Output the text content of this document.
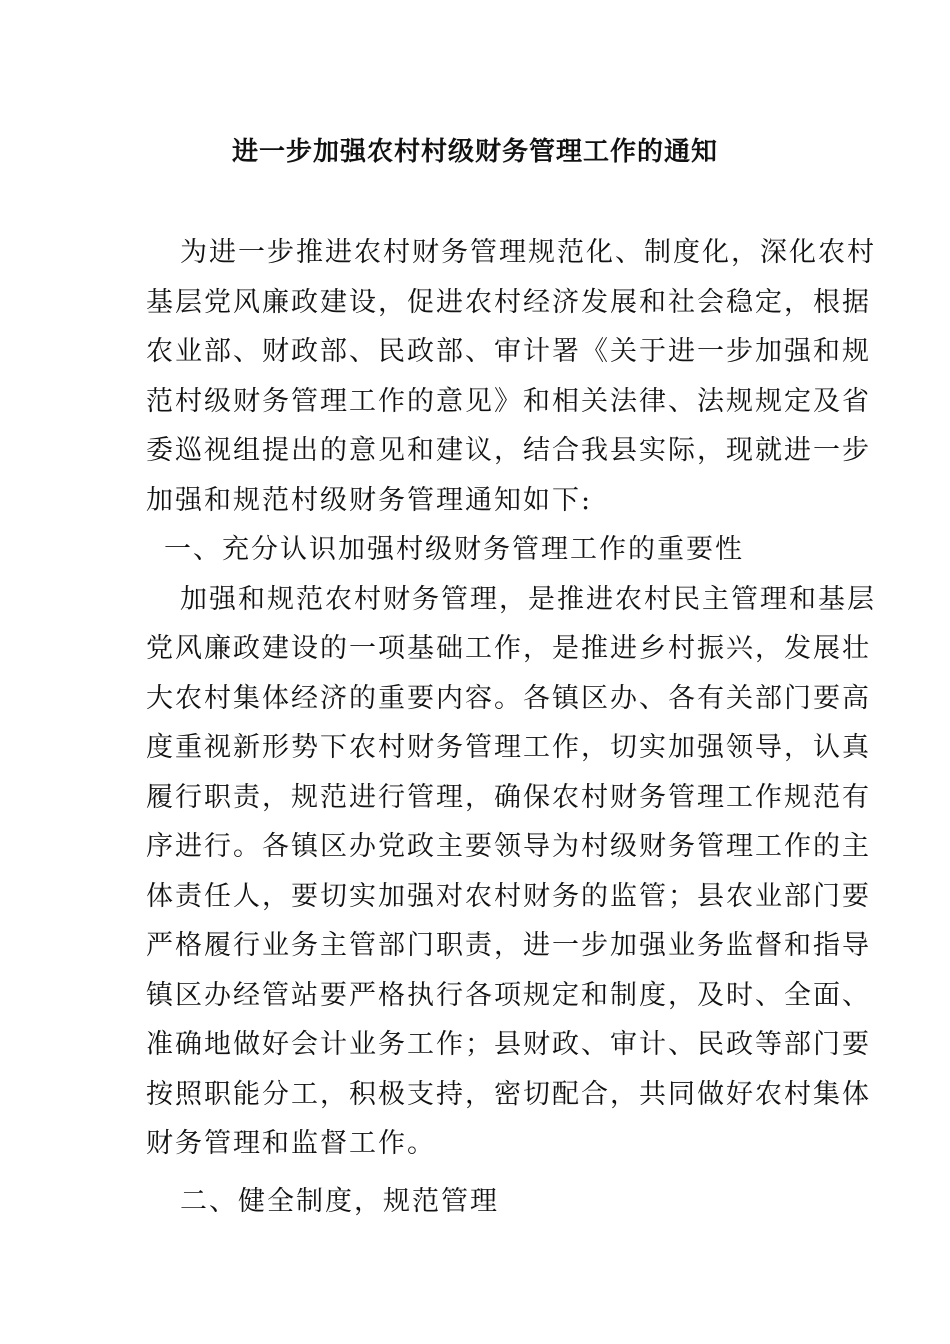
进一步加强农村村级财务管理工作的通知
为进一步推进农村财务管理规范化、制度化，深化农村
基层党风廉政建设，促进农村经济发展和社会稳定，根据
农业部、财政部、民政部、审计署《关于进一步加强和规
范村级财务管理工作的意见》和相关法律、法规规定及省
委巡视组提出的意见和建议，结合我县实际，现就进一步
加强和规范村级财务管理通知如下:
一、充分认识加强村级财务管理工作的重要性
加强和规范农村财务管理，是推进农村民主管理和基层
党风廉政建设的一项基础工作，是推进乡村振兴，发展壮
大农村集体经济的重要内容。各镇区办、各有关部门要高
度重视新形势下农村财务管理工作，切实加强领导，认真
履行职责，规范进行管理，确保农村财务管理工作规范有
序进行。各镇区办党政主要领导为村级财务管理工作的主
体责任人，要切实加强对农村财务的监管；县农业部门要
严格履行业务主管部门职责，进一步加强业务监督和指导
镇区办经管站要严格执行各项规定和制度，及时、全面、
准确地做好会计业务工作；县财政、审计、民政等部门要
按照职能分工，积极支持，密切配合，共同做好农村集体
财务管理和监督工作。
二、健全制度，规范管理
